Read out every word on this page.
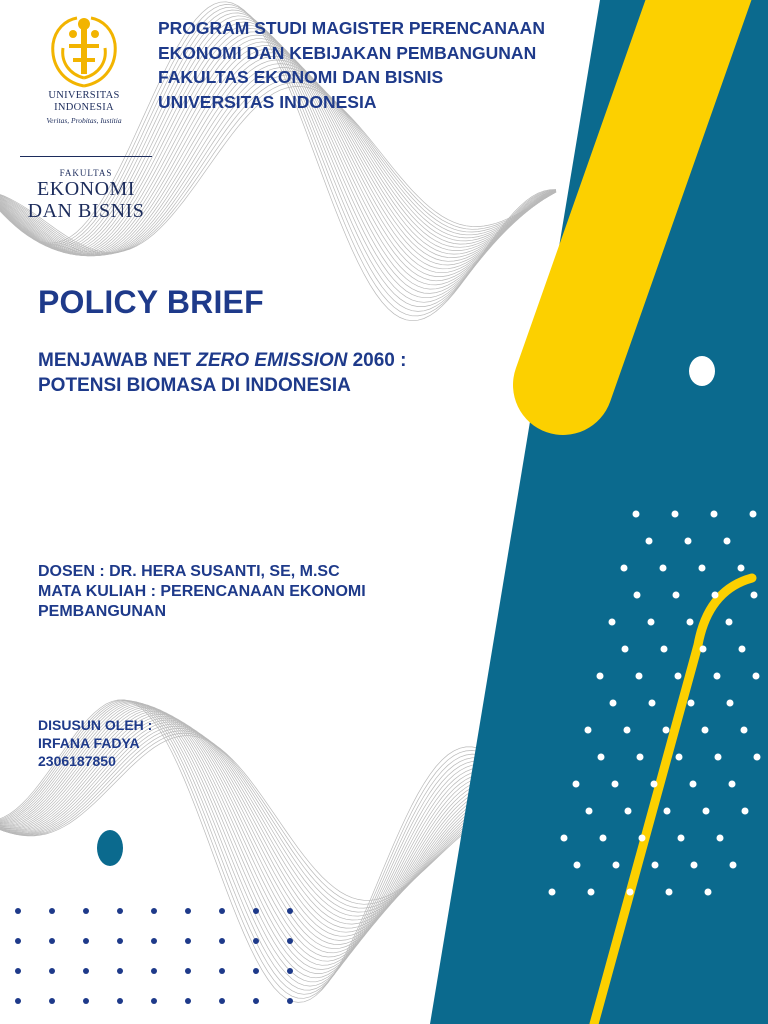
UNIVERSITAS
INDONESIA
Veritas, Probitas, Iustitia
FAKULTAS
EKONOMI
DAN BISNIS
PROGRAM STUDI MAGISTER PERENCANAAN
EKONOMI DAN KEBIJAKAN PEMBANGUNAN
FAKULTAS EKONOMI DAN BISNIS
UNIVERSITAS INDONESIA
POLICY BRIEF
MENJAWAB NET ZERO EMISSION 2060 :
POTENSI BIOMASA DI INDONESIA
DOSEN : DR. HERA SUSANTI, SE, M.SC
MATA KULIAH : PERENCANAAN EKONOMI
PEMBANGUNAN
DISUSUN OLEH :
IRFANA FADYA
2306187850
